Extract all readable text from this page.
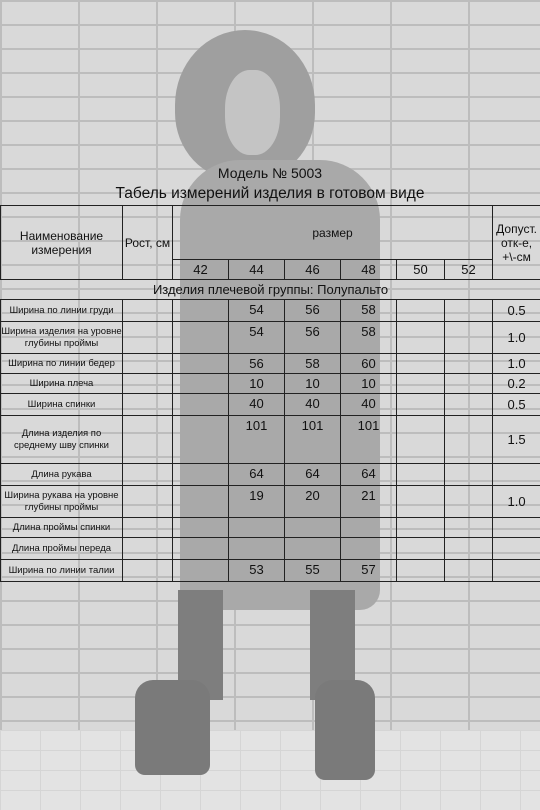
Модель № 5003
Табель измерений изделия в готовом виде
Наименование измерения	Рост, см	размер						Допуст. отк-е, +\-см
		42	44	46	48	50	52	
Изделия плечевой группы: Полупальто								
Ширина по линии груди			54	56	58			0.5
Ширина изделия на уровне глубины проймы			54	56	58			1.0
Ширина по линии бедер			56	58	60			1.0
Ширина плеча			10	10	10			0.2
Ширина спинки			40	40	40			0.5
Длина изделия по среднему шву спинки			101	101	101			1.5
Длина рукава			64	64	64			
Ширина рукава на уровне глубины проймы			19	20	21			1.0
Длина проймы спинки								
Длина проймы переда								
Ширина по линии талии			53	55	57			
